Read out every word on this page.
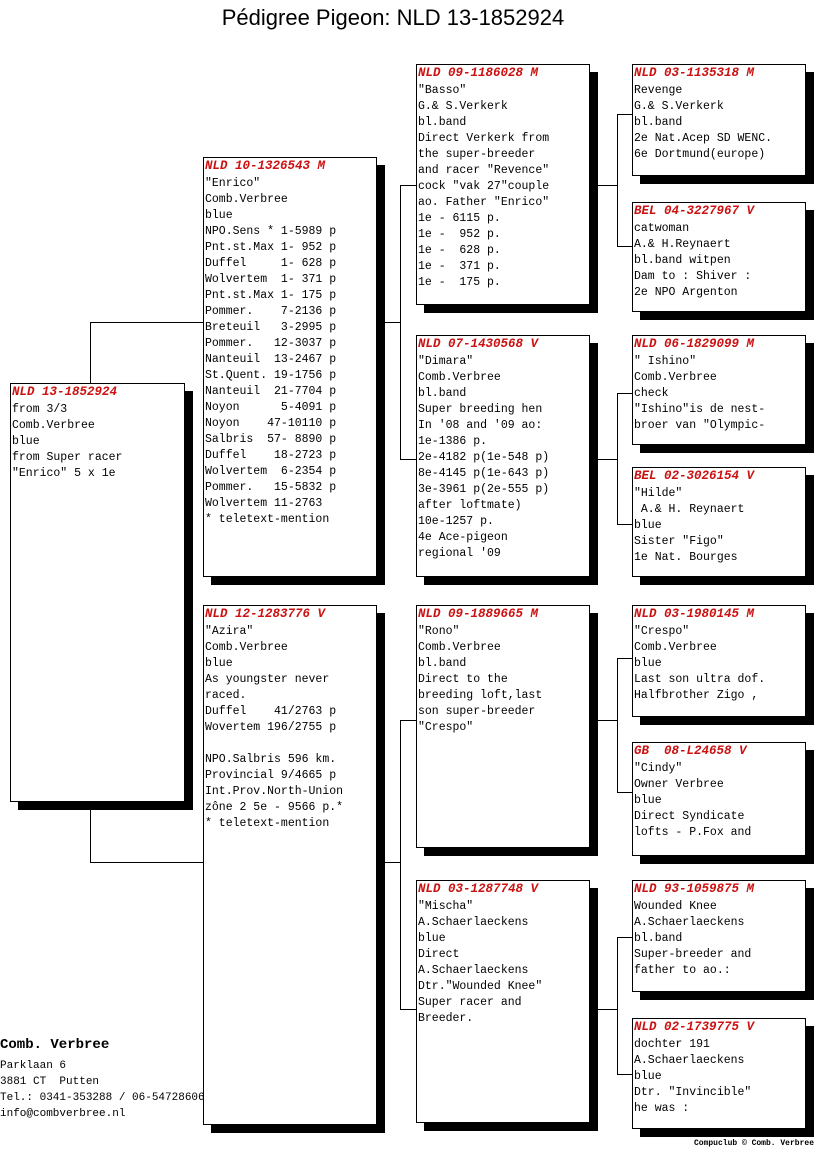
Pédigree Pigeon: NLD 13-1852924
NLD 13-1852924
from 3/3
Comb.Verbree
blue
from Super racer
"Enrico" 5 x 1e
NLD 10-1326543 M
"Enrico"
Comb.Verbree
blue
NPO.Sens * 1-5989 p
Pnt.st.Max 1- 952 p
Duffel     1- 628 p
Wolvertem  1- 371 p
Pnt.st.Max 1- 175 p
Pommer.    7-2136 p
Breteuil   3-2995 p
Pommer.   12-3037 p
Nanteuil  13-2467 p
St.Quent. 19-1756 p
Nanteuil  21-7704 p
Noyon      5-4091 p
Noyon    47-10110 p
Salbris  57- 8890 p
Duffel    18-2723 p
Wolvertem  6-2354 p
Pommer.   15-5832 p
Wolvertem 11-2763
* teletext-mention
NLD 12-1283776 V
"Azira"
Comb.Verbree
blue
As youngster never
raced.
Duffel    41/2763 p
Wovertem 196/2755 p

NPO.Salbris 596 km.
Provincial 9/4665 p
Int.Prov.North-Union
zône 2 5e - 9566 p.*
* teletext-mention
NLD 09-1186028 M
"Basso"
G.& S.Verkerk
bl.band
Direct Verkerk from
the super-breeder
and racer "Revence"
cock "vak 27"couple
ao. Father "Enrico"
1e - 6115 p.
1e -  952 p.
1e -  628 p.
1e -  371 p.
1e -  175 p.
NLD 07-1430568 V
"Dimara"
Comb.Verbree
bl.band
Super breeding hen
In '08 and '09 ao:
1e-1386 p.
2e-4182 p(1e-548 p)
8e-4145 p(1e-643 p)
3e-3961 p(2e-555 p)
after loftmate)
10e-1257 p.
4e Ace-pigeon
regional '09
NLD 09-1889665 M
"Rono"
Comb.Verbree
bl.band
Direct to the
breeding loft,last
son super-breeder
"Crespo"
NLD 03-1287748 V
"Mischa"
A.Schaerlaeckens
blue
Direct
A.Schaerlaeckens
Dtr."Wounded Knee"
Super racer and
Breeder.
NLD 03-1135318 M
Revenge
G.& S.Verkerk
bl.band
2e Nat.Acep SD WENC.
6e Dortmund(europe)
BEL 04-3227967 V
catwoman
A.& H.Reynaert
bl.band witpen
Dam to : Shiver :
2e NPO Argenton
NLD 06-1829099 M
" Ishino"
Comb.Verbree
check
"Ishino"is de nest-
broer van "Olympic-
BEL 02-3026154 V
"Hilde"
A.& H. Reynaert
blue
Sister "Figo"
1e Nat. Bourges
NLD 03-1980145 M
"Crespo"
Comb.Verbree
blue
Last son ultra dof.
Halfbrother Zigo ,
GB  08-L24658 V
"Cindy"
Owner Verbree
blue
Direct Syndicate
lofts - P.Fox and
NLD 93-1059875 M
Wounded Knee
A.Schaerlaeckens
bl.band
Super-breeder and
father to ao.:
NLD 02-1739775 V
dochter 191
A.Schaerlaeckens
blue
Dtr. "Invincible"
he was :
Comb. Verbree
Parklaan 6
3881 CT  Putten
Tel.: 0341-353288 / 06-54728606
info@combverbree.nl
Compuclub © Comb. Verbree
